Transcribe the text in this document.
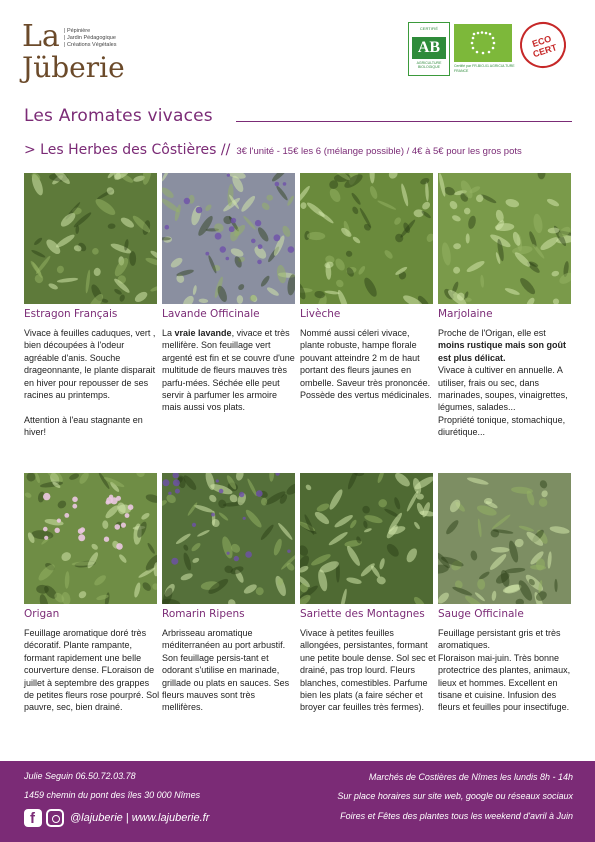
La | Pépinière
| Jardin Pédagogique
| Créations Végétales
Jüberie
CERTIFIÉ
AB
AGRICULTURE BIOLOGIQUE	Certifié par FR-BIO-01 AGRICULTURE FRANCE
ECO CERT
Les Aromates vivaces
> Les Herbes des Côstières // 3€ l'unité - 15€ les 6 (mélange possible) / 4€ à 5€ pour les gros pots
Estragon Français
Vivace à feuilles caduques, vert , bien découpées à l'odeur agréable d'anis. Souche drageonnante, le plante disparait en hiver pour repousser de ses racines au printemps.

Attention à l'eau stagnante en hiver!
Lavande Officinale
La vraie lavande, vivace et très mellifère. Son feuillage vert argenté est fin et se couvre d'une multitude de fleurs mauves très parfu-mées. Séchée elle peut servir à parfumer les armoire mais aussi vos plats.
Livèche
Nommé aussi céleri vivace, plante robuste, hampe florale pouvant atteindre 2 m de haut portant des fleurs jaunes en ombelle. Saveur très prononcée. Possède des vertus médicinales.
Marjolaine
Proche de l'Origan, elle est moins rustique mais son goût est plus délicat.
Vivace à cultiver en annuelle. A utiliser, frais ou sec, dans marinades, soupes, vinaigrettes, légumes, salades...
Propriété tonique, stomachique, diurétique...
Origan
Feuillage aromatique doré très décoratif. Plante rampante, formant rapidement une belle courverture dense. FLoraison de juillet à septembre des grappes de petites fleurs rose pourpré. Sol pauvre, sec, bien drainé.
Romarin Ripens
Arbrisseau aromatique méditerranéen au port arbustif. Son feuillage persis-tant et odorant s'utilise en marinade, grillade ou plats en sauces. Ses fleurs mauves sont très mellifères.
Sariette des Montagnes
Vivace à petites feuilles allongées, persistantes, formant une petite boule dense. Sol sec et drainé, pas trop lourd. Fleurs blanches, comestibles. Parfume bien les plats (a faire sécher et broyer car feuilles très fermes).
Sauge Officinale
Feuillage persistant gris et très aromatiques.
Floraison mai-juin. Très bonne protectrice des plantes, animaux, lieux et hommes. Excellent en tisane et cuisine. Infusion des fleurs et feuilles pour insectifuge.
Julie Seguin 06.50.72.03.78
1459 chemin du pont des îles 30 000 Nîmes
f	@lajuberie | www.lajuberie.fr
Marchés de Costières de Nîmes les lundis 8h - 14h
Sur place horaires sur site web, google ou réseaux sociaux
Foires et Fêtes des plantes tous les weekend d'avril à Juin
